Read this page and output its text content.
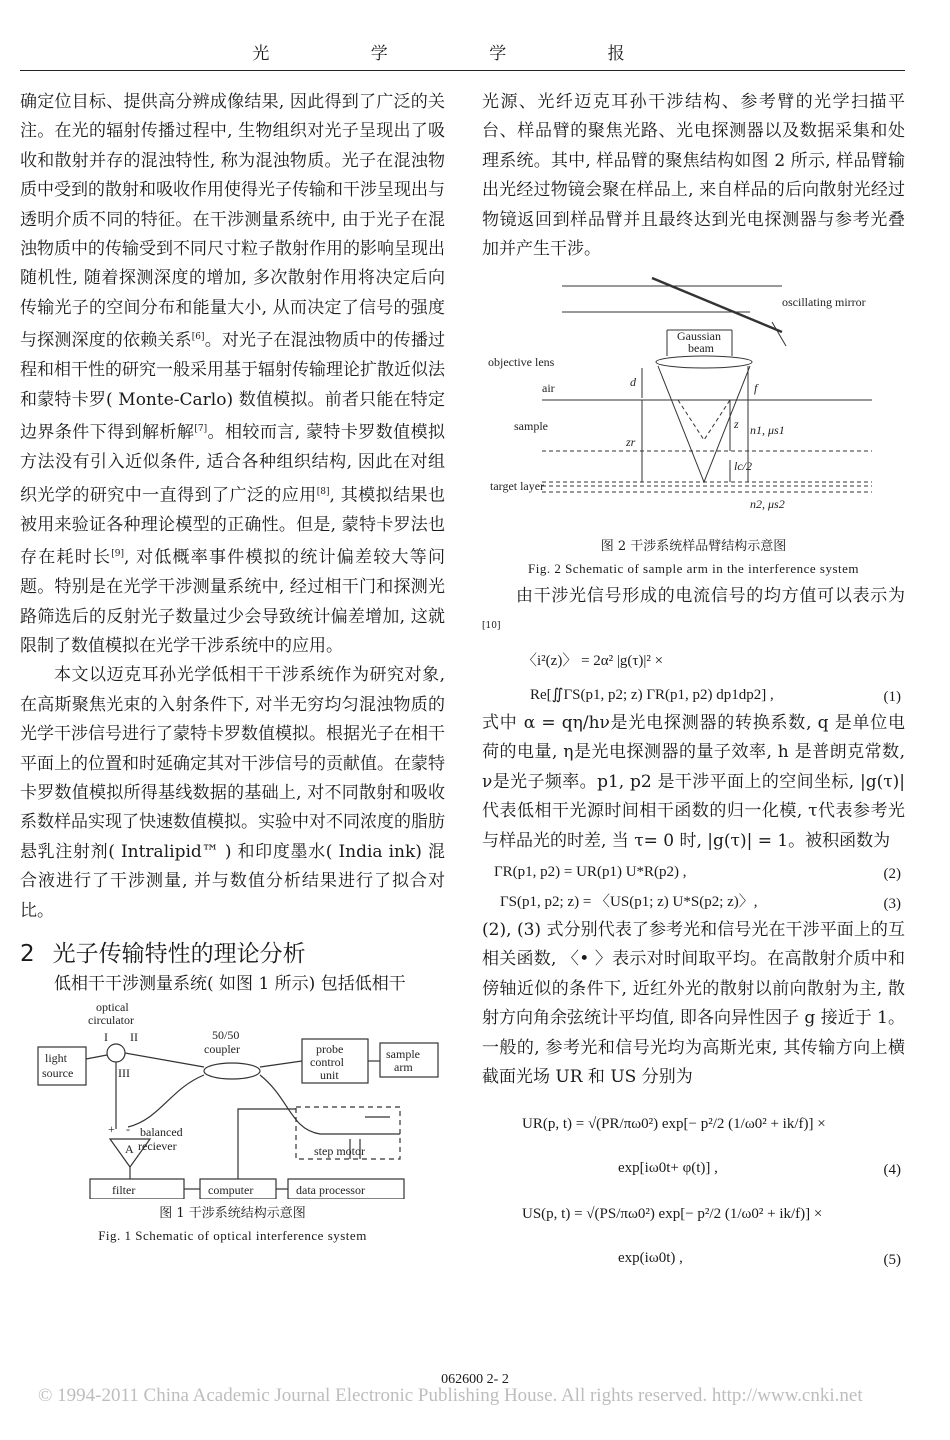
光 学 学 报

确定位目标、提供高分辨成像结果, 因此得到了广泛的关注。在光的辐射传播过程中, 生物组织对光子呈现出了吸收和散射并存的混浊特性, 称为混浊物质。光子在混浊物质中受到的散射和吸收作用使得光子传输和干涉呈现出与透明介质不同的特征。在干涉测量系统中, 由于光子在混浊物质中的传输受到不同尺寸粒子散射作用的影响呈现出随机性, 随着探测深度的增加, 多次散射作用将决定后向传输光子的空间分布和能量大小, 从而决定了信号的强度与探测深度的依赖关系[6]。对光子在混浊物质中的传播过程和相干性的研究一般采用基于辐射传输理论扩散近似法和蒙特卡罗( Monte-Carlo) 数值模拟。前者只能在特定边界条件下得到解析解[7]。相较而言, 蒙特卡罗数值模拟方法没有引入近似条件, 适合各种组织结构, 因此在对组织光学的研究中一直得到了广泛的应用[8], 其模拟结果也被用来验证各种理论模型的正确性。但是, 蒙特卡罗法也存在耗时长[9], 对低概率事件模拟的统计偏差较大等问题。特别是在光学干涉测量系统中, 经过相干门和探测光路筛选后的反射光子数量过少会导致统计偏差增加, 这就限制了数值模拟在光学干涉系统中的应用。

本文以迈克耳孙光学低相干干涉系统作为研究对象, 在高斯聚焦光束的入射条件下, 对半无穷均匀混浊物质的光学干涉信号进行了蒙特卡罗数值模拟。根据光子在相干平面上的位置和时延确定其对干涉信号的贡献值。在蒙特卡罗数值模拟所得基线数据的基础上, 对不同散射和吸收系数样品实现了快速数值模拟。实验中对不同浓度的脂肪悬乳注射剂( Intralipid™ ) 和印度墨水( India ink) 混合液进行了干涉测量, 并与数值分析结果进行了拟合对比。

2 光子传输特性的理论分析

低相干干涉测量系统( 如图 1 所示) 包括低相干

light
source
optical
circulator
I II
III
50/50
coupler	probe
control
unit
sample
arm
balanced
reciever
+ -
A	step motor
filter	computer	data processor
图 1 干涉系统结构示意图
Fig. 1 Schematic of optical interference system

光源、光纤迈克耳孙干涉结构、参考臂的光学扫描平台、样品臂的聚焦光路、光电探测器以及数据采集和处理系统。其中, 样品臂的聚焦结构如图 2 所示, 样品臂输出光经过物镜会聚在样品上, 来自样品的后向散射光经过物镜返回到样品臂并且最终达到光电探测器与参考光叠加并产生干涉。

oscillating mirror
Gaussian
beam
objective lens
air	d	f
sample	z
zr
n1, μs1
lc/2
target layer
n2, μs2
图 2 干涉系统样品臂结构示意图
Fig. 2 Schematic of sample arm in the interference system

由干涉光信号形成的电流信号的均方值可以表示为[10]

〈i²(z)〉 = 2α² |g(τ)|² ×
Re[∬ΓS(p1, p2; z) ΓR(p1, p2) dp1dp2] ,	(1)

式中 α = qη/hν是光电探测器的转换系数, q 是单位电荷的电量, η是光电探测器的量子效率, h 是普朗克常数, ν是光子频率。p1, p2 是干涉平面上的空间坐标, |g(τ)| 代表低相干光源时间相干函数的归一化模, τ代表参考光与样品光的时差, 当 τ= 0 时, |g(τ)| = 1。被积函数为

ΓR(p1, p2) = UR(p1) U*R(p2) ,	(2)
ΓS(p1, p2; z) = 〈US(p1; z) U*S(p2; z)〉,	(3)

(2), (3) 式分别代表了参考光和信号光在干涉平面上的互相关函数, 〈• 〉表示对时间取平均。在高散射介质中和傍轴近似的条件下, 近红外光的散射以前向散射为主, 散射方向角余弦统计平均值, 即各向异性因子 g 接近于 1。一般的, 参考光和信号光均为高斯光束, 其传输方向上横截面光场 UR 和 US 分别为

UR(p, t) = √(PR/πω0²) exp[− p²/2 (1/ω0² + ik/f)] ×
exp[iω0t+ φ(t)] ,	(4)
US(p, t) = √(PS/πω0²) exp[− p²/2 (1/ω0² + ik/f)] ×
exp(iω0t) ,	(5)
062600 2- 2
© 1994-2011 China Academic Journal Electronic Publishing House. All rights reserved. http://www.cnki.net
